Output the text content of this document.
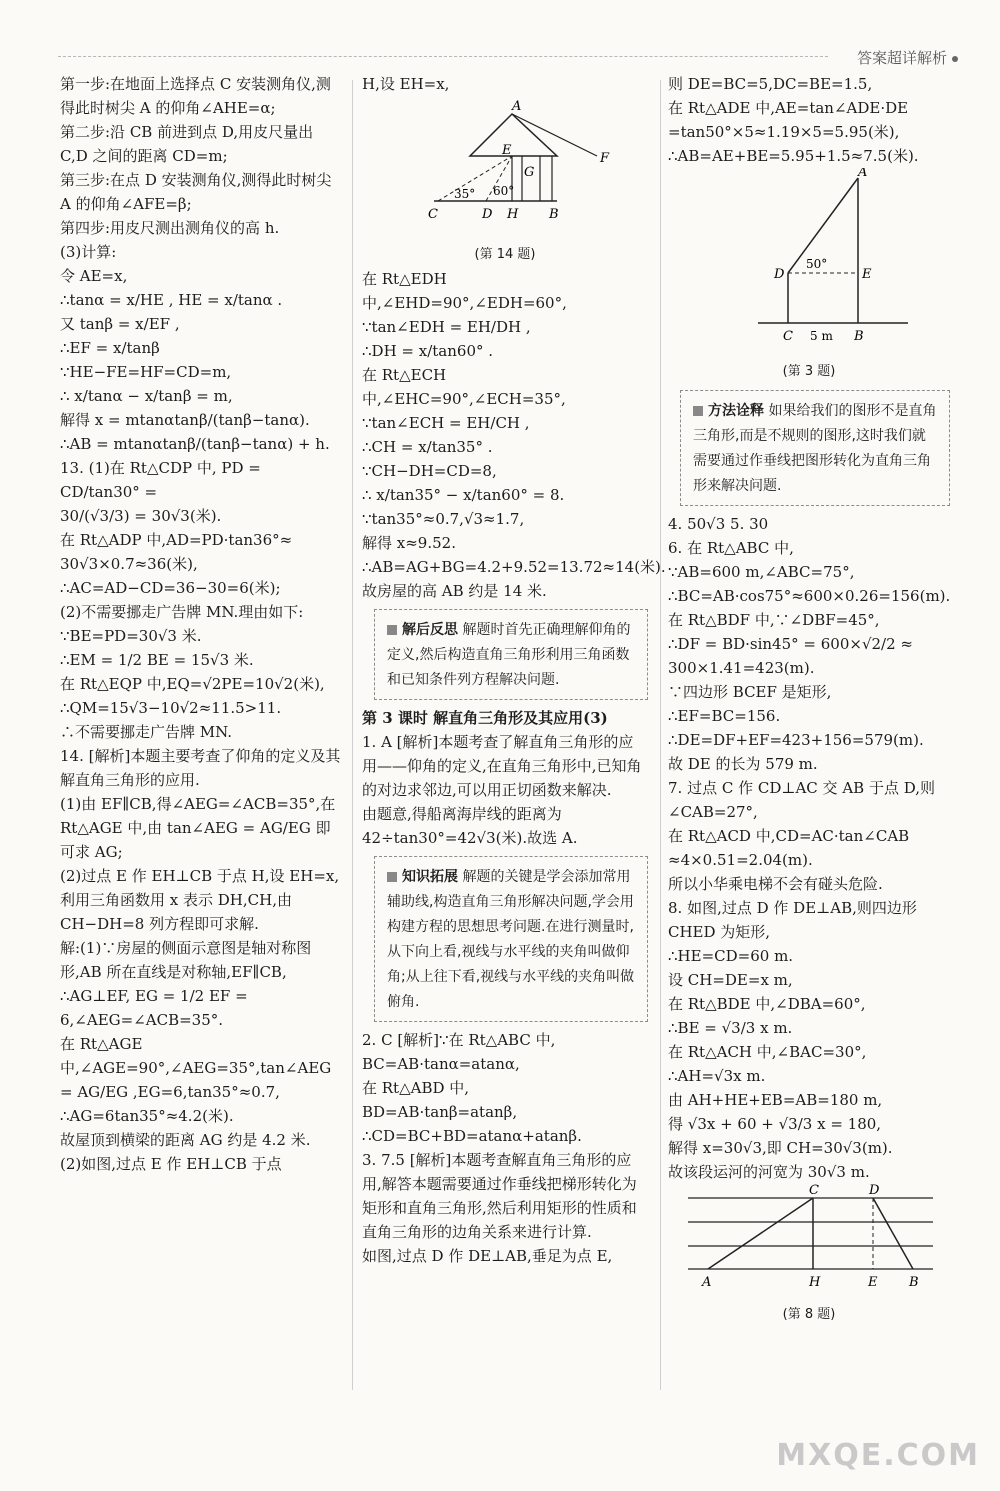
答案超详解析
第一步:在地面上选择点 C 安装测角仪,测得此时树尖 A 的仰角∠AHE=α;
第二步:沿 CB 前进到点 D,用皮尺量出 C,D 之间的距离 CD=m;
第三步:在点 D 安装测角仪,测得此时树尖 A 的仰角∠AFE=β;
第四步:用皮尺测出测角仪的高 h.
(3)计算:
令 AE=x,
∴tanα = x/HE , HE = x/tanα .
又 tanβ = x/EF ,
∴EF = x/tanβ
∵HE−FE=HF=CD=m,
∴ x/tanα − x/tanβ = m,
解得 x = mtanαtanβ/(tanβ−tanα).
∴AB = mtanαtanβ/(tanβ−tanα) + h.
13. (1)在 Rt△CDP 中, PD = CD/tan30° =
30/(√3/3) = 30√3(米).
在 Rt△ADP 中,AD=PD·tan36°≈
30√3×0.7≈36(米),
∴AC=AD−CD=36−30=6(米);
(2)不需要挪走广告牌 MN.理由如下:
∵BE=PD=30√3 米.
∴EM = 1/2 BE = 15√3 米.
在 Rt△EQP 中,EQ=√2PE=10√2(米),
∴QM=15√3−10√2≈11.5>11.
∴不需要挪走广告牌 MN.
14. [解析]本题主要考查了仰角的定义及其解直角三角形的应用.
(1)由 EF∥CB,得∠AEG=∠ACB=35°,在 Rt△AGE 中,由 tan∠AEG = AG/EG 即可求 AG;
(2)过点 E 作 EH⊥CB 于点 H,设 EH=x,利用三角函数用 x 表示 DH,CH,由 CH−DH=8 列方程即可求解.
解:(1)∵房屋的侧面示意图是轴对称图形,AB 所在直线是对称轴,EF∥CB,
∴AG⊥EF, EG = 1/2 EF = 6,∠AEG=∠ACB=35°.
在 Rt△AGE 中,∠AGE=90°,∠AEG=35°,tan∠AEG = AG/EG ,EG=6,tan35°≈0.7,
∴AG=6tan35°≈4.2(米).
故屋顶到横梁的距离 AG 约是 4.2 米.
(2)如图,过点 E 作 EH⊥CB 于点
H,设 EH=x,
A
E
G
F
C	D H B
35° 60°
(第 14 题)
在 Rt△EDH 中,∠EHD=90°,∠EDH=60°,
∵tan∠EDH = EH/DH ,
∴DH = x/tan60° .
在 Rt△ECH 中,∠EHC=90°,∠ECH=35°,
∵tan∠ECH = EH/CH ,
∴CH = x/tan35° .
∵CH−DH=CD=8,
∴ x/tan35° − x/tan60° = 8.
∵tan35°≈0.7,√3≈1.7,
解得 x≈9.52.
∴AB=AG+BG=4.2+9.52=13.72≈14(米).
故房屋的高 AB 约是 14 米.
解后反思 解题时首先正确理解仰角的定义,然后构造直角三角形利用三角函数和已知条件列方程解决问题.
第 3 课时 解直角三角形及其应用(3)
1. A [解析]本题考查了解直角三角形的应用——仰角的定义,在直角三角形中,已知角的对边求邻边,可以用正切函数来解决.
由题意,得船离海岸线的距离为 42÷tan30°=42√3(米).故选 A.
知识拓展 解题的关键是学会添加常用辅助线,构造直角三角形解决问题,学会用构建方程的思想思考问题.在进行测量时,从下向上看,视线与水平线的夹角叫做仰角;从上往下看,视线与水平线的夹角叫做俯角.
2. C [解析]∵在 Rt△ABC 中,
BC=AB·tanα=atanα,
在 Rt△ABD 中,
BD=AB·tanβ=atanβ,
∴CD=BC+BD=atanα+atanβ.
3. 7.5 [解析]本题考查解直角三角形的应用,解答本题需要通过作垂线把梯形转化为矩形和直角三角形,然后利用矩形的性质和直角三角形的边角关系来进行计算.
如图,过点 D 作 DE⊥AB,垂足为点 E,
则 DE=BC=5,DC=BE=1.5,
在 Rt△ADE 中,AE=tan∠ADE·DE
=tan50°×5≈1.19×5=5.95(米),
∴AB=AE+BE=5.95+1.5≈7.5(米).
A
D	E
C	B
50°
5 m
(第 3 题)
方法诠释 如果给我们的图形不是直角三角形,而是不规则的图形,这时我们就需要通过作垂线把图形转化为直角三角形来解决问题.
4. 50√3 5. 30
6. 在 Rt△ABC 中,
∵AB=600 m,∠ABC=75°,
∴BC=AB·cos75°≈600×0.26=156(m).
在 Rt△BDF 中,∵∠DBF=45°,
∴DF = BD·sin45° = 600×√2/2 ≈ 300×1.41=423(m).
∵四边形 BCEF 是矩形,
∴EF=BC=156.
∴DE=DF+EF=423+156=579(m).
故 DE 的长为 579 m.
7. 过点 C 作 CD⊥AC 交 AB 于点 D,则∠CAB=27°,
在 Rt△ACD 中,CD=AC·tan∠CAB
≈4×0.51=2.04(m).
所以小华乘电梯不会有碰头危险.
8. 如图,过点 D 作 DE⊥AB,则四边形 CHED 为矩形,
∴HE=CD=60 m.
设 CH=DE=x m,
在 Rt△BDE 中,∠DBA=60°,
∴BE = √3/3 x m.
在 Rt△ACH 中,∠BAC=30°,
∴AH=√3x m.
由 AH+HE+EB=AB=180 m,
得 √3x + 60 + √3/3 x = 180,
解得 x=30√3,即 CH=30√3(m).
故该段运河的河宽为 30√3 m.
C	D
A	H	E B
(第 8 题)
MXQE.COM
